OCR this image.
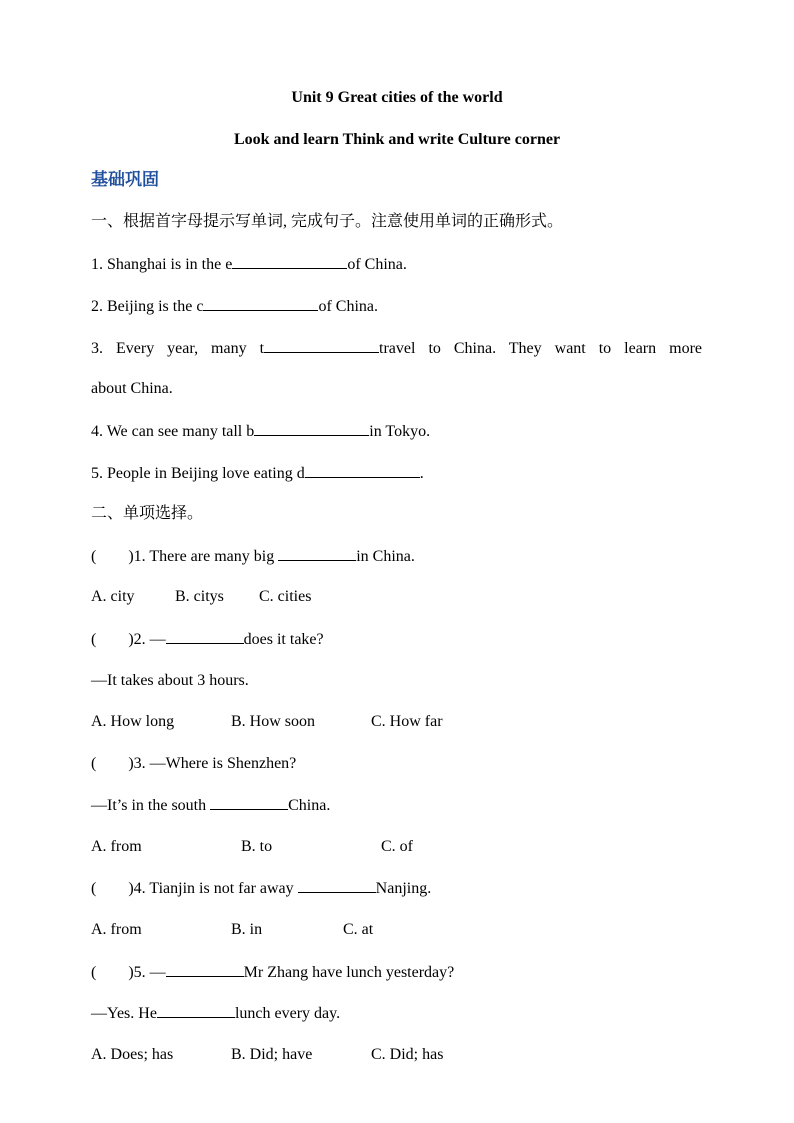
Unit 9 Great cities of the world
Look and learn Think and write Culture corner
基础巩固
一、根据首字母提示写单词, 完成句子。注意使用单词的正确形式。
1. Shanghai is in the e	of China.
2. Beijing is the c	of China.
3. Every year, many t	travel to China. They want to learn more
about China.
4. We can see many tall b	in Tokyo.
5. People in Beijing love eating d	.
二、单项选择。
(        )1. There are many big	in China.
A. city	B. citys C. cities
(        )2. —	does it take?
—It takes about 3 hours.
A. How long	B. How soon	C. How far
(        )3. —Where is Shenzhen?
—It’s in the south	China.
A. from	B. to	C. of
(        )4. Tianjin is not far away	Nanjing.
A. from	B. in	C. at
(        )5. —	Mr Zhang have lunch yesterday?
—Yes. He	lunch every day.
A. Does; has	B. Did; have	C. Did; has
